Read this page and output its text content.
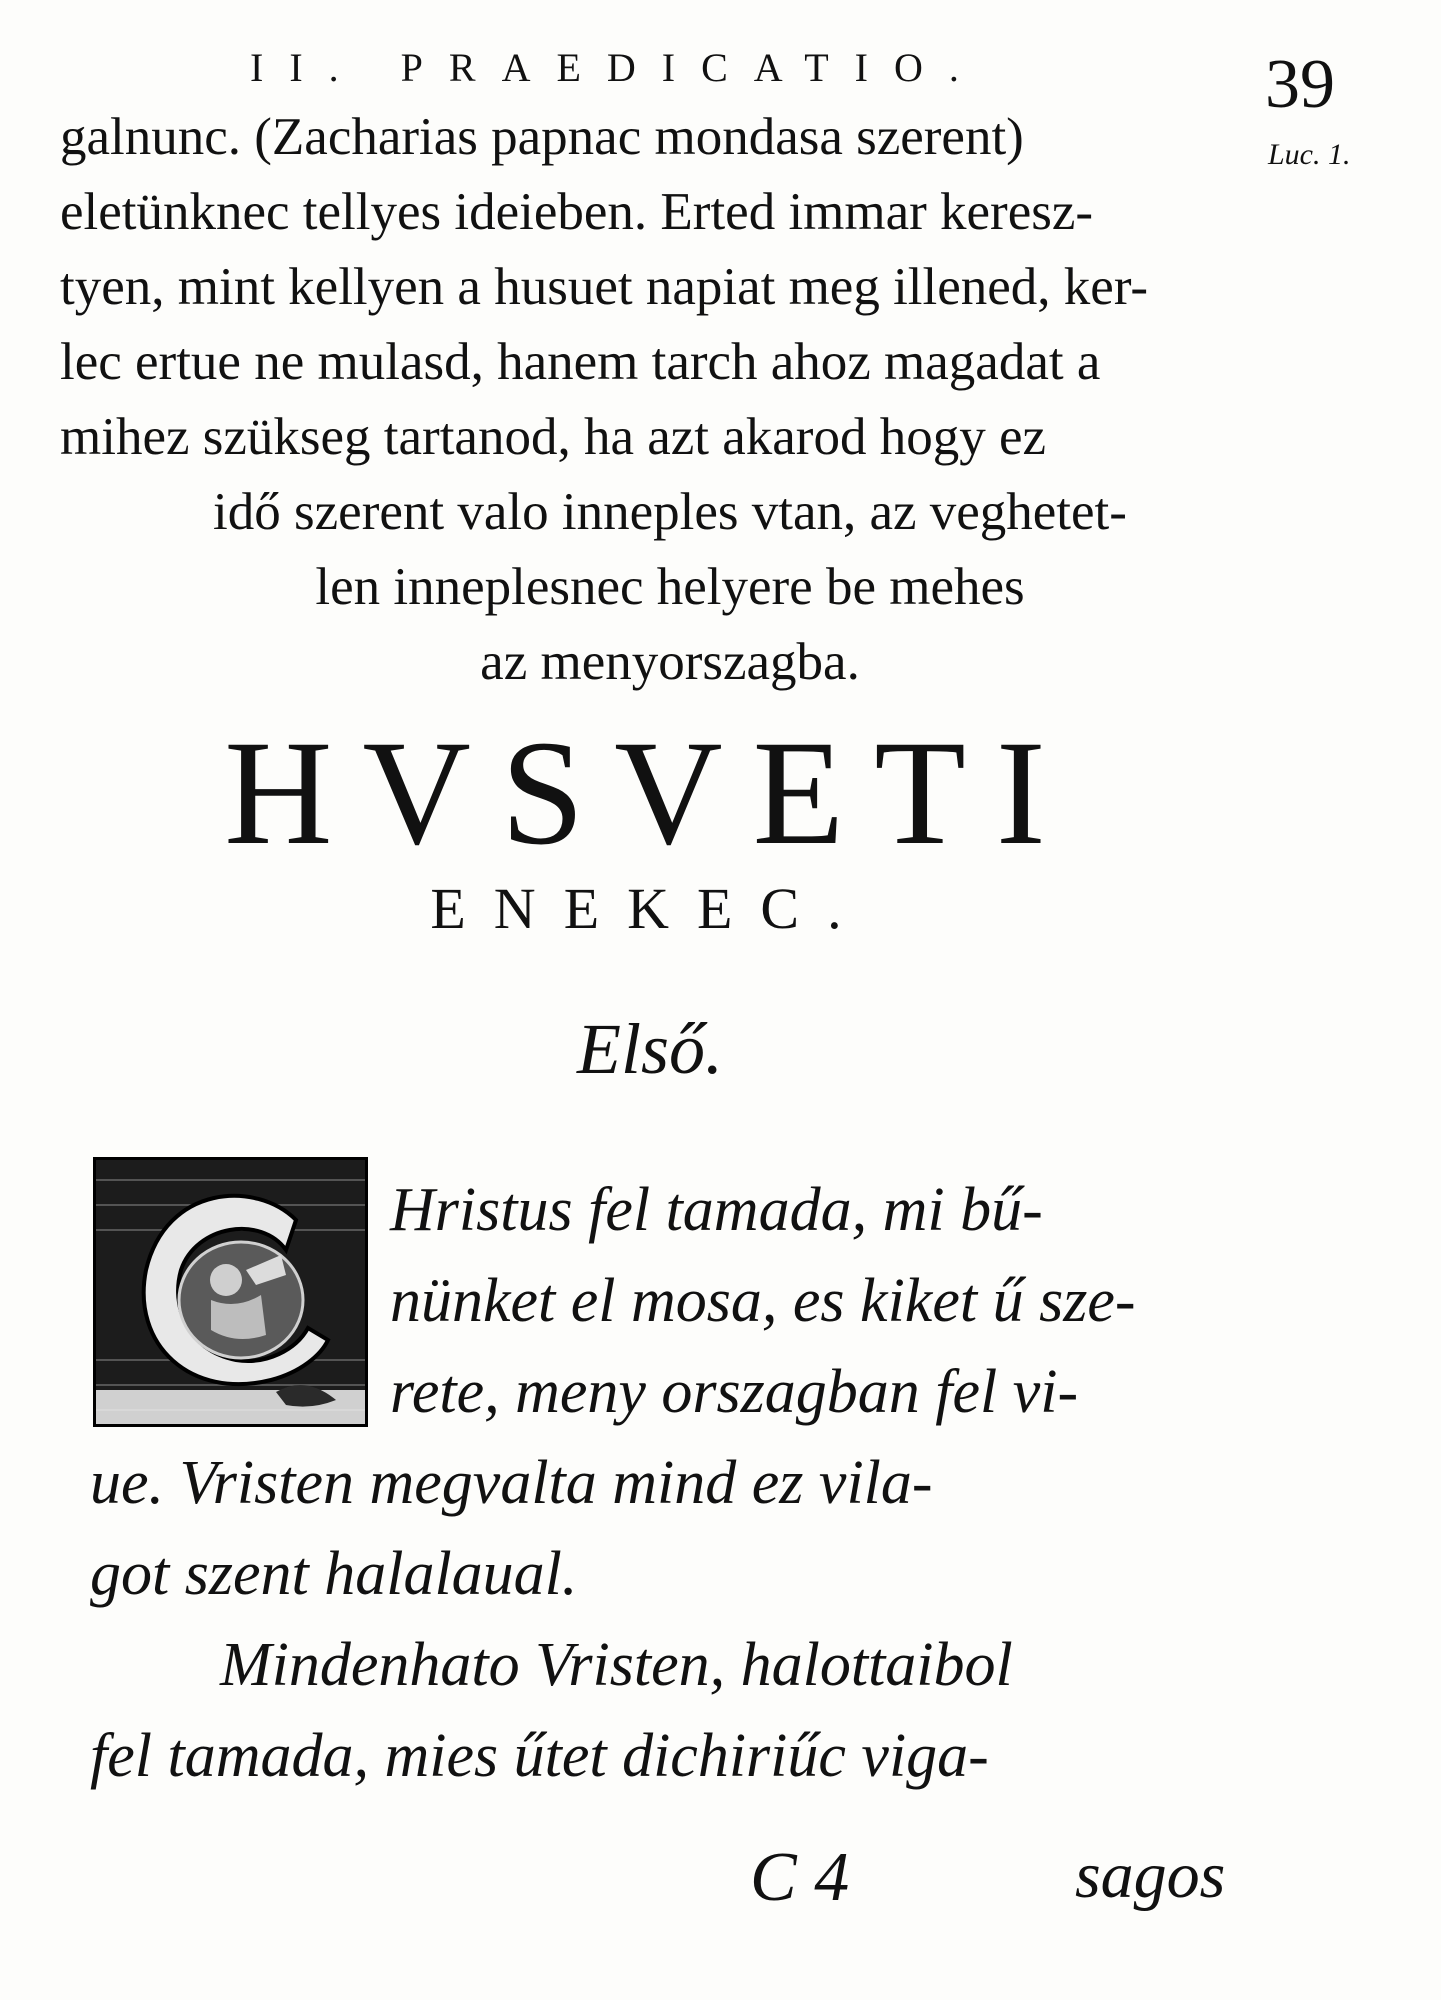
II. PRAEDICATIO.	39
Luc. 1.
galnunc. (Zacharias papnac mondasa szerent)
eletünknec tellyes ideieben. Erted immar keresz-
tyen, mint kellyen a husuet napiat meg illened, ker-
lec ertue ne mulasd, hanem tarch ahoz magadat a
mihez szükseg tartanod, ha azt akarod hogy ez
idő szerent valo inneples vtan, az veghetet-
len inneplesnec helyere be mehes
az menyorszagba.
HVSVETI
ENEKEC.
Első.
Hristus fel tamada, mi bű-
nünket el mosa, es kiket ű sze-
rete, meny orszagban fel vi-
ue. Vristen megvalta mind ez vila-
got szent halalaual.
Mindenhato Vristen, halottaibol
fel tamada, mies űtet dichiriűc viga-
C 4	sagos
